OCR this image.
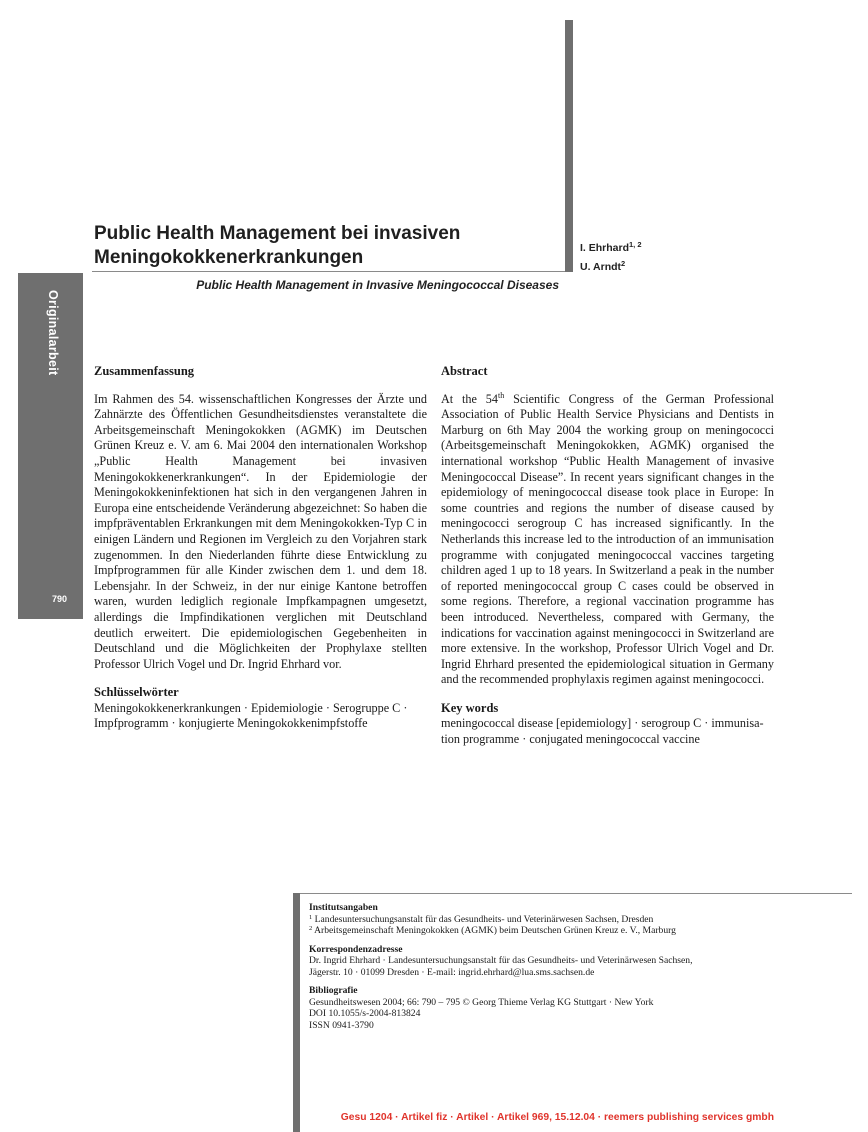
Public Health Management bei invasiven
Meningokokkenerkrankungen	I. Ehrhard$^{1, 2}$
U. Arndt$^2$
Public Health Management in Invasive Meningococcal Diseases
Originalarbeit
790
Zusammenfassung

Im Rahmen des 54. wissenschaftlichen Kongresses der Ärzte und Zahnärzte des Öffentlichen Gesundheitsdienstes veranstaltete die Arbeitsgemeinschaft Meningokokken (AGMK) im Deutschen Grünen Kreuz e. V. am 6. Mai 2004 den internationalen Workshop „Public Health Management bei invasiven Meningokokkenerkrankungen“. In der Epidemiologie der Meningokokkeninfektionen hat sich in den vergangenen Jahren in Europa eine entscheidende Veränderung abgezeichnet: So haben die impfpräventablen Erkrankungen mit dem Meningokokken-Typ C in einigen Ländern und Regionen im Vergleich zu den Vorjahren stark zugenommen. In den Niederlanden führte diese Entwicklung zu Impfprogrammen für alle Kinder zwischen dem 1. und dem 18. Lebensjahr. In der Schweiz, in der nur einige Kantone betroffen waren, wurden lediglich regionale Impfkampagnen umgesetzt, allerdings die Impfindikationen verglichen mit Deutschland deutlich erweitert. Die epidemiologischen Gegebenheiten in Deutschland und die Möglichkeiten der Prophylaxe stellten Professor Ulrich Vogel und Dr. Ingrid Ehrhard vor.

Schlüsselwörter
Meningokokkenerkrankungen · Epidemiologie · Serogruppe C ·
Impfprogramm · konjugierte Meningokokkenimpfstoffe
Abstract

At the 54th Scientific Congress of the German Professional Association of Public Health Service Physicians and Dentists in Marburg on 6th May 2004 the working group on meningococci (Arbeitsgemeinschaft Meningokokken, AGMK) organised the international workshop “Public Health Management of invasive Meningococcal Disease”. In recent years significant changes in the epidemiology of meningococcal disease took place in Europe: In some countries and regions the number of disease caused by meningococci serogroup C has increased significantly. In the Netherlands this increase led to the introduction of an immunisation programme with conjugated meningococcal vaccines targeting children aged 1 up to 18 years. In Switzerland a peak in the number of reported meningococcal group C cases could be observed in some regions. Therefore, a regional vaccination programme has been introduced. Nevertheless, compared with Germany, the indications for vaccination against meningococci in Switzerland are more extensive. In the workshop, Professor Ulrich Vogel and Dr. Ingrid Ehrhard presented the epidemiological situation in Germany and the recommended prophylaxis regimen against meningococci.

Key words
meningococcal disease [epidemiology] · serogroup C · immunisa-
tion programme · conjugated meningococcal vaccine
Institutsangaben
$^1$ Landesuntersuchungsanstalt für das Gesundheits- und Veterinärwesen Sachsen, Dresden
$^2$ Arbeitsgemeinschaft Meningokokken (AGMK) beim Deutschen Grünen Kreuz e. V., Marburg
Korrespondenzadresse
Dr. Ingrid Ehrhard · Landesuntersuchungsanstalt für das Gesundheits- und Veterinärwesen Sachsen,
Jägerstr. 10 · 01099 Dresden · E-mail: ingrid.ehrhard@lua.sms.sachsen.de
Bibliografie
Gesundheitswesen 2004; 66: 790 – 795 © Georg Thieme Verlag KG Stuttgart · New York
DOI 10.1055/s-2004-813824
ISSN 0941-3790
Gesu 1204 · Artikel fiz · Artikel · Artikel 969, 15.12.04 · reemers publishing services gmbh
